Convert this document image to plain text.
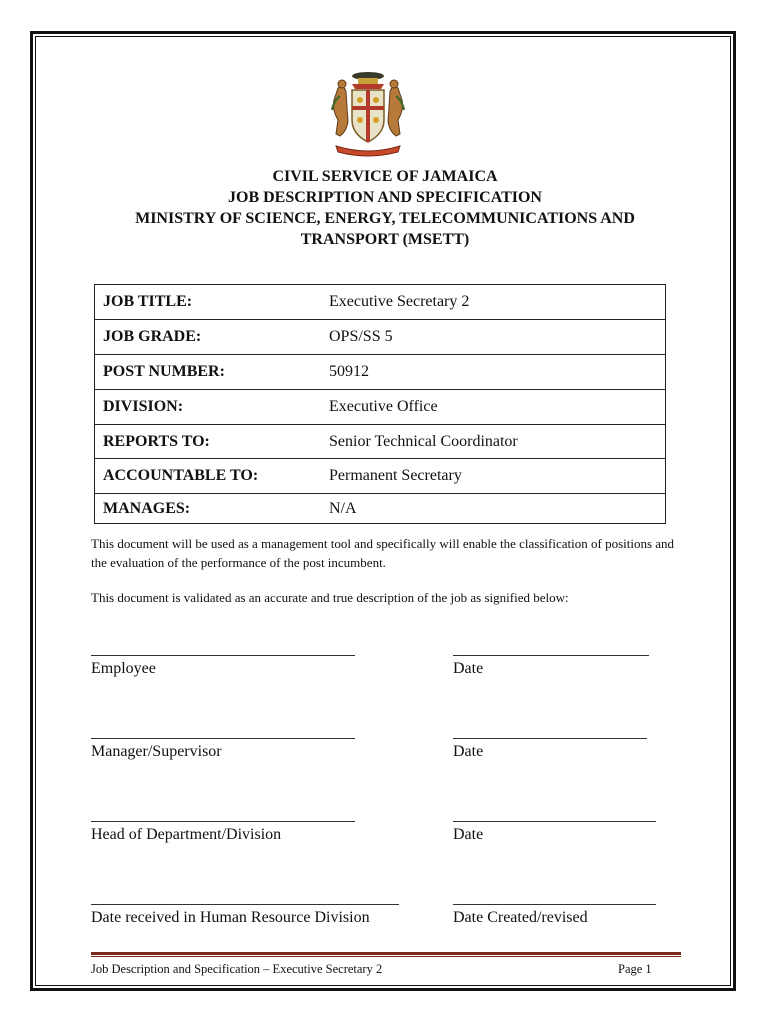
CIVIL SERVICE OF JAMAICA
JOB DESCRIPTION AND SPECIFICATION
MINISTRY OF SCIENCE, ENERGY, TELECOMMUNICATIONS AND
TRANSPORT (MSETT)
JOB TITLE:	Executive Secretary 2
JOB GRADE:	OPS/SS 5
POST NUMBER:	50912
DIVISION:	Executive Office
REPORTS TO:	Senior Technical Coordinator
ACCOUNTABLE TO:	Permanent Secretary
MANAGES:	N/A
This document will be used as a management tool and specifically will enable the classification of positions and the evaluation of the performance of the post incumbent.
This document is validated as an accurate and true description of the job as signified below:
Employee	Date
Manager/Supervisor	Date
Head of Department/Division	Date
Date received in Human Resource Division	Date Created/revised
Job Description and Specification – Executive Secretary 2	Page 1
